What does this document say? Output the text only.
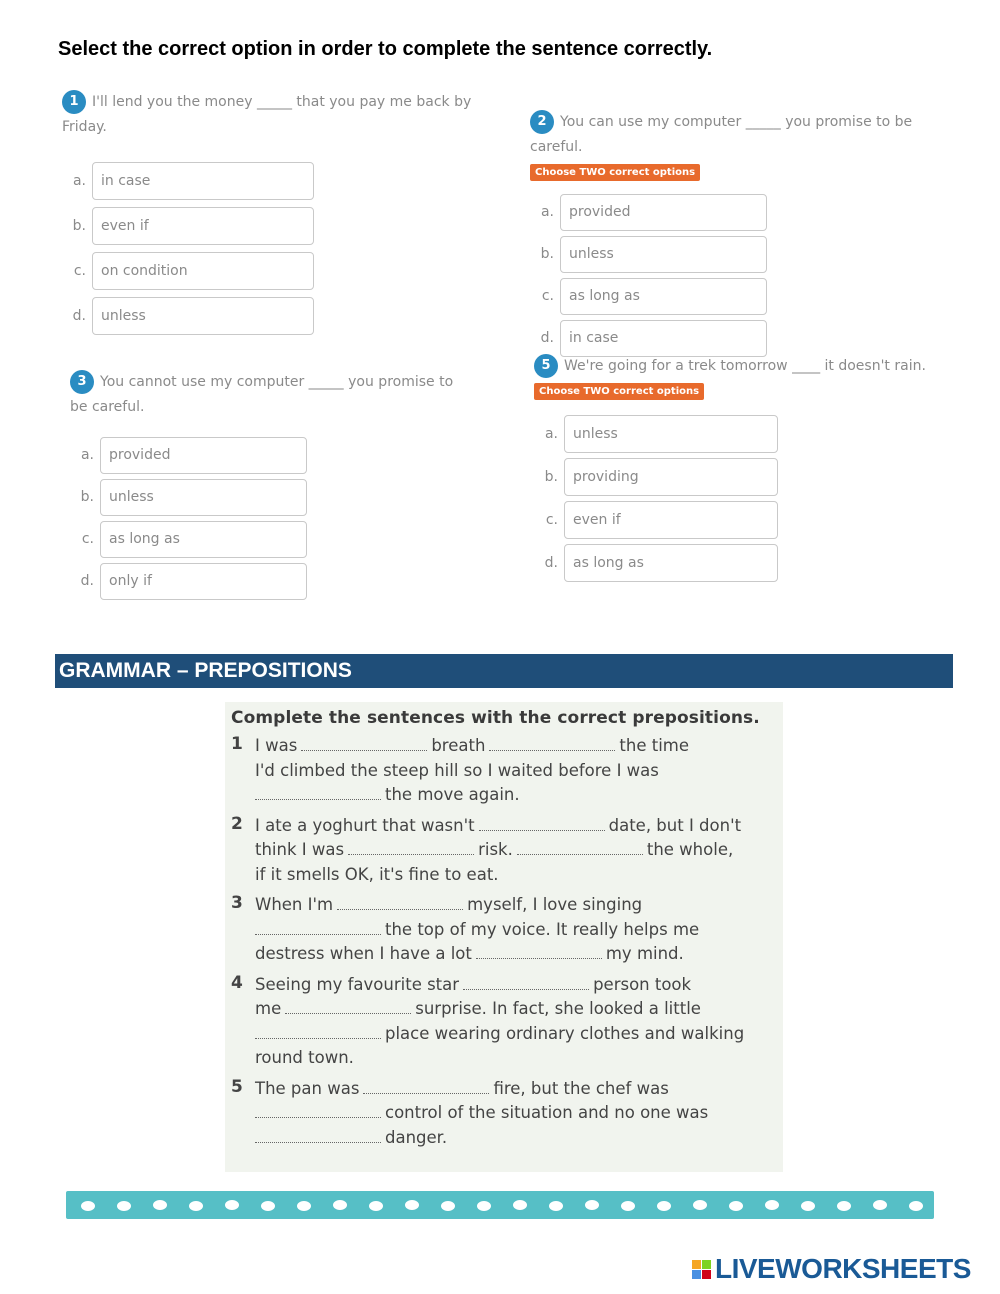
Select the correct option in order to complete the sentence correctly.
1 I'll lend you the money _____ that you pay me back by Friday.
a.	in case
b.	even if
c.	on condition
d.	unless
2 You can use my computer _____ you promise to be careful.
Choose TWO correct options
a.	provided
b.	unless
c.	as long as
d.	in case
3 You cannot use my computer _____ you promise to be careful.
a.	provided
b.	unless
c.	as long as
d.	only if
5 We're going for a trek tomorrow ____ it doesn't rain.
Choose TWO correct options
a.	unless
b.	providing
c.	even if
d.	as long as
GRAMMAR – PREPOSITIONS
Complete the sentences with the correct prepositions.
1 I was	breath	the time
I'd climbed the steep hill so I waited before I was
the move again.
2 I ate a yoghurt that wasn't	date, but I don't
think I was	risk.	the whole,
if it smells OK, it's fine to eat.
3 When I'm	myself, I love singing
the top of my voice. It really helps me
destress when I have a lot	my mind.
4 Seeing my favourite star	person took
me	surprise. In fact, she looked a little
place wearing ordinary clothes and walking
round town.
5 The pan was	fire, but the chef was
control of the situation and no one was
danger.
LIVEWORKSHEETS
